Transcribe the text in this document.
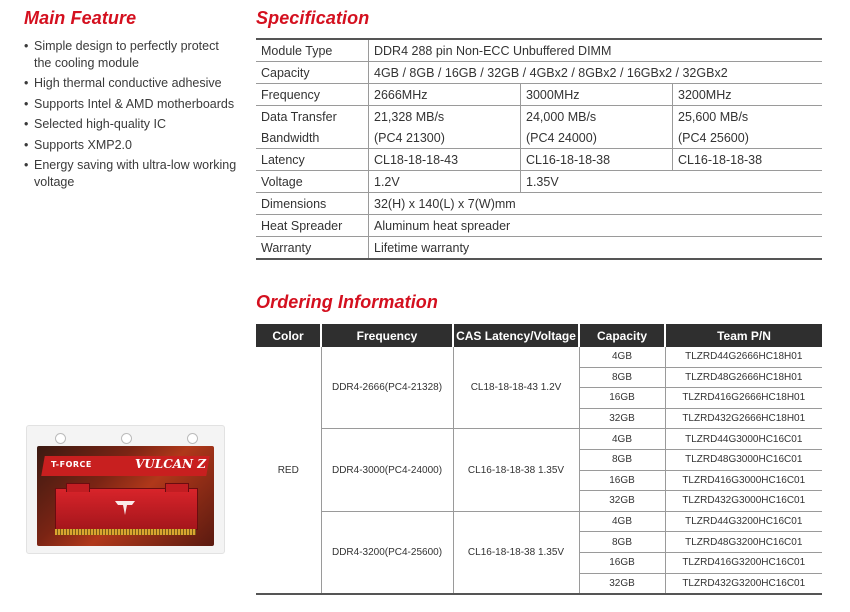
Main Feature
• Simple design to perfectly protect the cooling module
• High thermal conductive adhesive
• Supports Intel & AMD motherboards
• Selected high-quality IC
• Supports XMP2.0
• Energy saving with ultra-low working voltage
Specification
Module Type	DDR4 288 pin Non-ECC Unbuffered DIMM		
Capacity	4GB / 8GB / 16GB / 32GB / 4GBx2 / 8GBx2 / 16GBx2 / 32GBx2		
Frequency	2666MHz	3000MHz	3200MHz
Data Transfer	21,328 MB/s	24,000 MB/s	25,600 MB/s
Bandwidth	(PC4 21300)	(PC4 24000)	(PC4 25600)
Latency	CL18-18-18-43	CL16-18-18-38	CL16-18-18-38
Voltage	1.2V	1.35V	
Dimensions	32(H) x 140(L) x 7(W)mm		
Heat Spreader	Aluminum heat spreader		
Warranty	Lifetime warranty		
Ordering Information
Color	Frequency	CAS Latency/Voltage	Capacity	Team P/N
RED	DDR4-2666(PC4-21328)	CL18-18-18-43 1.2V	4GB	TLZRD44G2666HC18H01
			8GB	TLZRD48G2666HC18H01
			16GB	TLZRD416G2666HC18H01
			32GB	TLZRD432G2666HC18H01
	DDR4-3000(PC4-24000)	CL16-18-18-38 1.35V	4GB	TLZRD44G3000HC16C01
			8GB	TLZRD48G3000HC16C01
			16GB	TLZRD416G3000HC16C01
			32GB	TLZRD432G3000HC16C01
	DDR4-3200(PC4-25600)	CL16-18-18-38 1.35V	4GB	TLZRD44G3200HC16C01
			8GB	TLZRD48G3200HC16C01
			16GB	TLZRD416G3200HC16C01
			32GB	TLZRD432G3200HC16C01
T-FORCE	VULCAN Z
